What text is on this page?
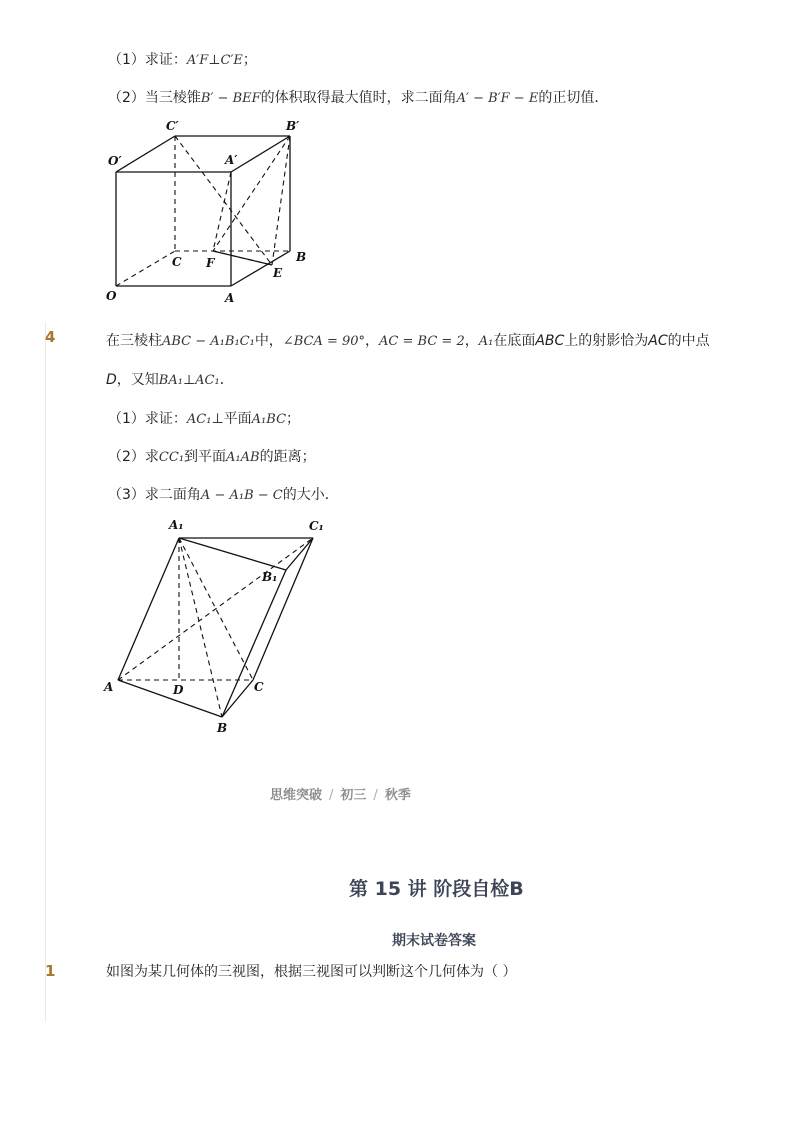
（1）求证：A′F⊥C′E；
（2）当三棱锥B′ − BEF的体积取得最大值时，求二面角A′ − B′F − E的正切值．
C′	B′
O′	A′
C F	B
E
O	A
4	在三棱柱ABC − A₁B₁C₁中，∠BCA = 90°，AC = BC = 2，A₁在底面ABC上的射影恰为AC的中点
D，又知BA₁⊥AC₁．
（1）求证：AC₁⊥平面A₁BC；
（2）求CC₁到平面A₁AB的距离；
（3）求二面角A − A₁B − C的大小．
A₁	C₁
B₁
A	D	C
B
思维突破 / 初三 / 秋季
第 15 讲 阶段自检B
期末试卷答案
1	如图为某几何体的三视图，根据三视图可以判断这个几何体为（ ）
